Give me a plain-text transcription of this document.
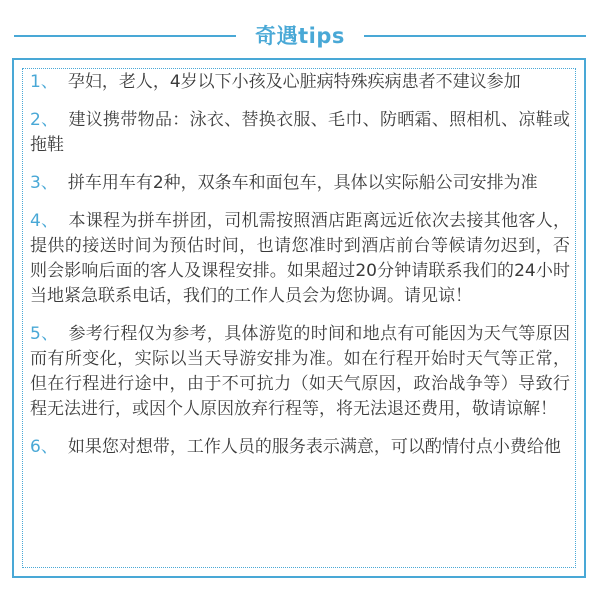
奇遇tips
1、 孕妇，老人，4岁以下小孩及心脏病特殊疾病患者不建议参加
2、 建议携带物品：泳衣、替换衣服、毛巾、防晒霜、照相机、凉鞋或拖鞋
3、 拼车用车有2种，双条车和面包车，具体以实际船公司安排为准
4、 本课程为拼车拼团，司机需按照酒店距离远近依次去接其他客人，提供的接送时间为预估时间，也请您准时到酒店前台等候请勿迟到，否则会影响后面的客人及课程安排。如果超过20分钟请联系我们的24小时当地紧急联系电话，我们的工作人员会为您协调。请见谅！
5、 参考行程仅为参考，具体游览的时间和地点有可能因为天气等原因而有所变化，实际以当天导游安排为准。如在行程开始时天气等正常，但在行程进行途中，由于不可抗力（如天气原因，政治战争等）导致行程无法进行，或因个人原因放弃行程等，将无法退还费用，敬请谅解！
6、 如果您对想带，工作人员的服务表示满意，可以酌情付点小费给他
